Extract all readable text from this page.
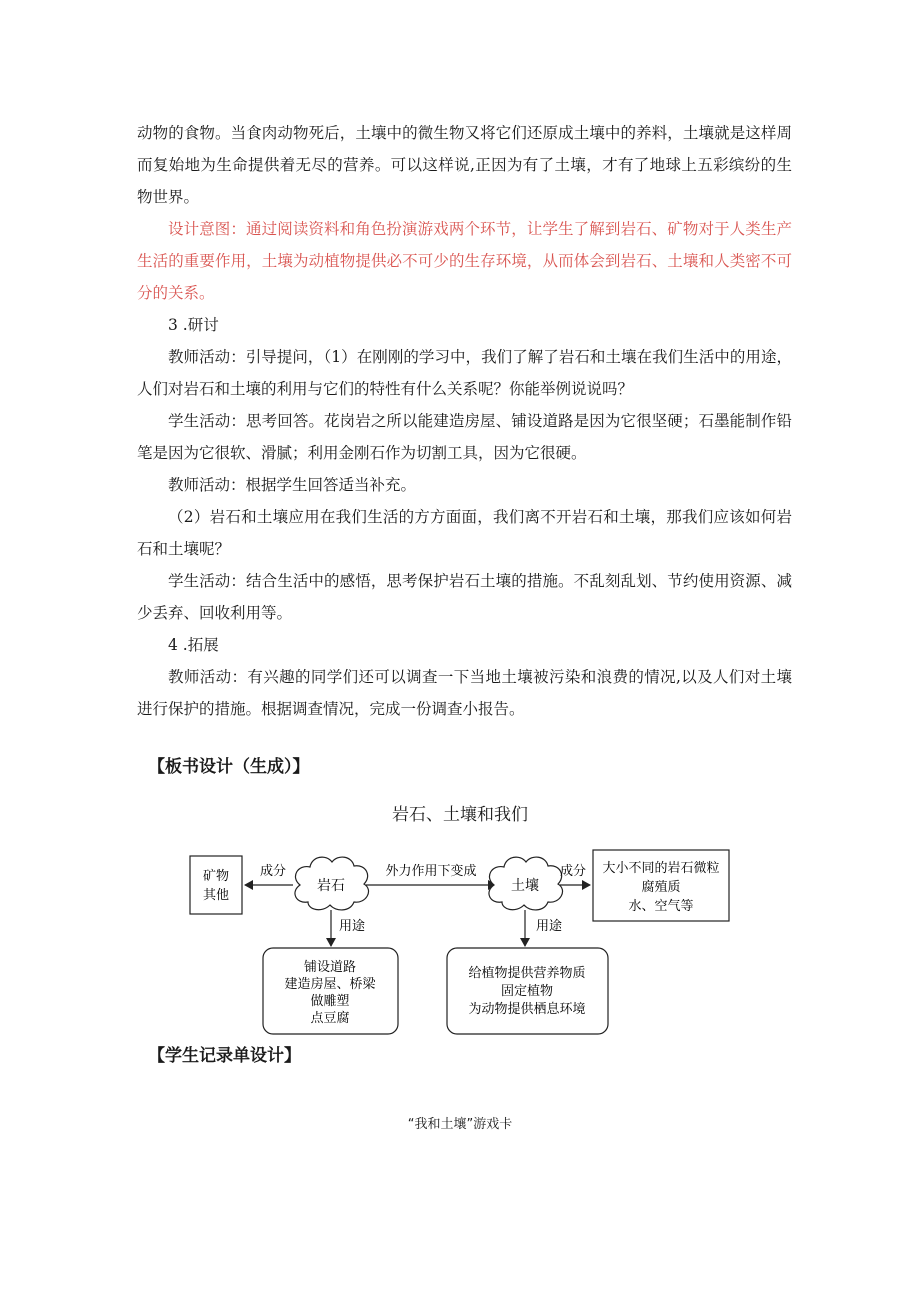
动物的食物。当食肉动物死后，土壤中的微生物又将它们还原成土壤中的养料，土壤就是这样周而复始地为生命提供着无尽的营养。可以这样说,正因为有了土壤，才有了地球上五彩缤纷的生物世界。
设计意图：通过阅读资料和角色扮演游戏两个环节，让学生了解到岩石、矿物对于人类生产生活的重要作用，土壤为动植物提供必不可少的生存环境，从而体会到岩石、土壤和人类密不可分的关系。
3 .研讨
教师活动：引导提问，（1）在刚刚的学习中，我们了解了岩石和土壤在我们生活中的用途，人们对岩石和土壤的利用与它们的特性有什么关系呢？你能举例说说吗？
学生活动：思考回答。花岗岩之所以能建造房屋、铺设道路是因为它很坚硬；石墨能制作铅笔是因为它很软、滑腻；利用金刚石作为切割工具，因为它很硬。
教师活动：根据学生回答适当补充。
（2）岩石和土壤应用在我们生活的方方面面，我们离不开岩石和土壤，那我们应该如何岩石和土壤呢？
学生活动：结合生活中的感悟，思考保护岩石土壤的措施。不乱刻乱划、节约使用资源、减少丢弃、回收利用等。
4 .拓展
教师活动：有兴趣的同学们还可以调查一下当地土壤被污染和浪费的情况,以及人们对土壤进行保护的措施。根据调查情况，完成一份调查小报告。
【板书设计（生成）】
岩石、土壤和我们
矿物
其他
成分
岩石
外力作用下变成
土壤
成分 大小不同的岩石微粒
腐殖质
水、空气等
用途	用途
铺设道路
建造房屋、桥梁
做雕塑
点豆腐
给植物提供营养物质
固定植物
为动物提供栖息环境
【学生记录单设计】
“我和土壤”游戏卡
